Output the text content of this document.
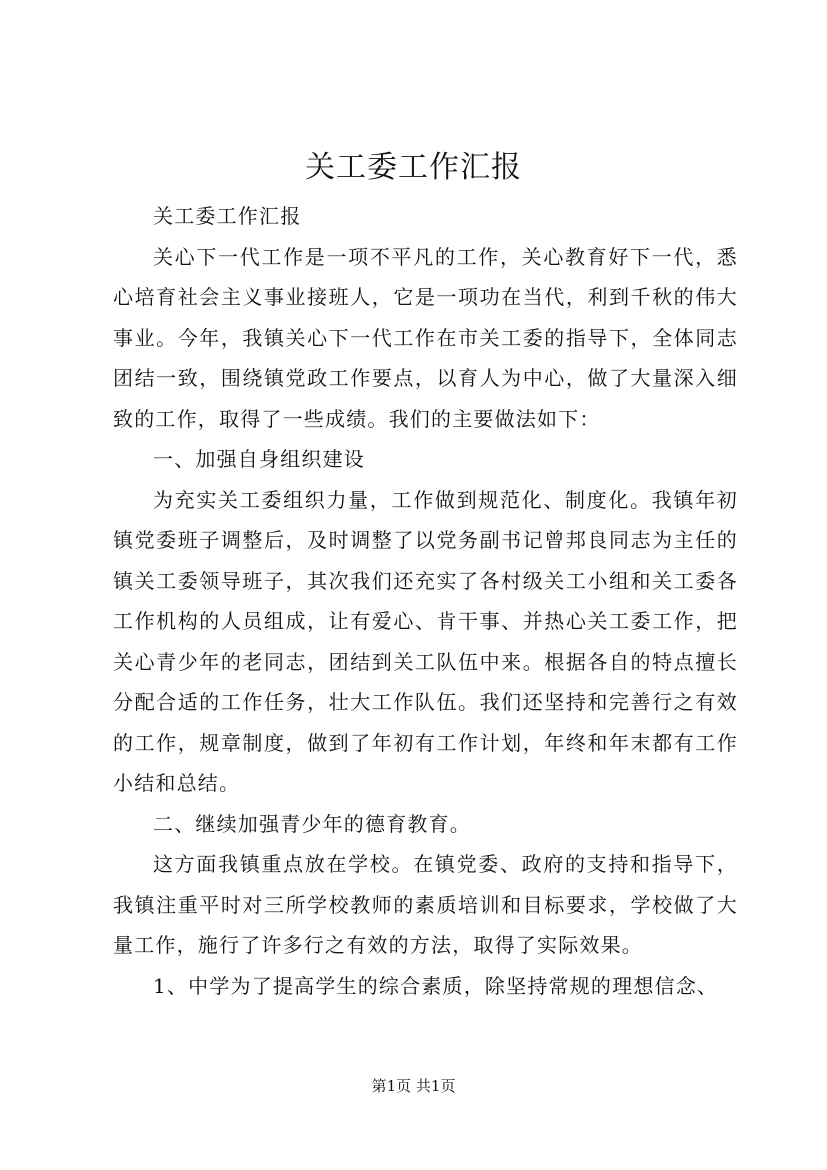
关工委工作汇报

关工委工作汇报

关心下一代工作是一项不平凡的工作，关心教育好下一代，悉心培育社会主义事业接班人，它是一项功在当代，利到千秋的伟大事业。今年，我镇关心下一代工作在市关工委的指导下，全体同志团结一致，围绕镇党政工作要点，以育人为中心，做了大量深入细致的工作，取得了一些成绩。我们的主要做法如下：

一、加强自身组织建设

为充实关工委组织力量，工作做到规范化、制度化。我镇年初镇党委班子调整后，及时调整了以党务副书记曾邦良同志为主任的镇关工委领导班子，其次我们还充实了各村级关工小组和关工委各工作机构的人员组成，让有爱心、肯干事、并热心关工委工作，把关心青少年的老同志，团结到关工队伍中来。根据各自的特点擅长分配合适的工作任务，壮大工作队伍。我们还坚持和完善行之有效的工作，规章制度，做到了年初有工作计划，年终和年末都有工作小结和总结。

二、继续加强青少年的德育教育。

这方面我镇重点放在学校。在镇党委、政府的支持和指导下，我镇注重平时对三所学校教师的素质培训和目标要求，学校做了大量工作，施行了许多行之有效的方法，取得了实际效果。

1、中学为了提高学生的综合素质，除坚持常规的理想信念、

第1页 共1页
